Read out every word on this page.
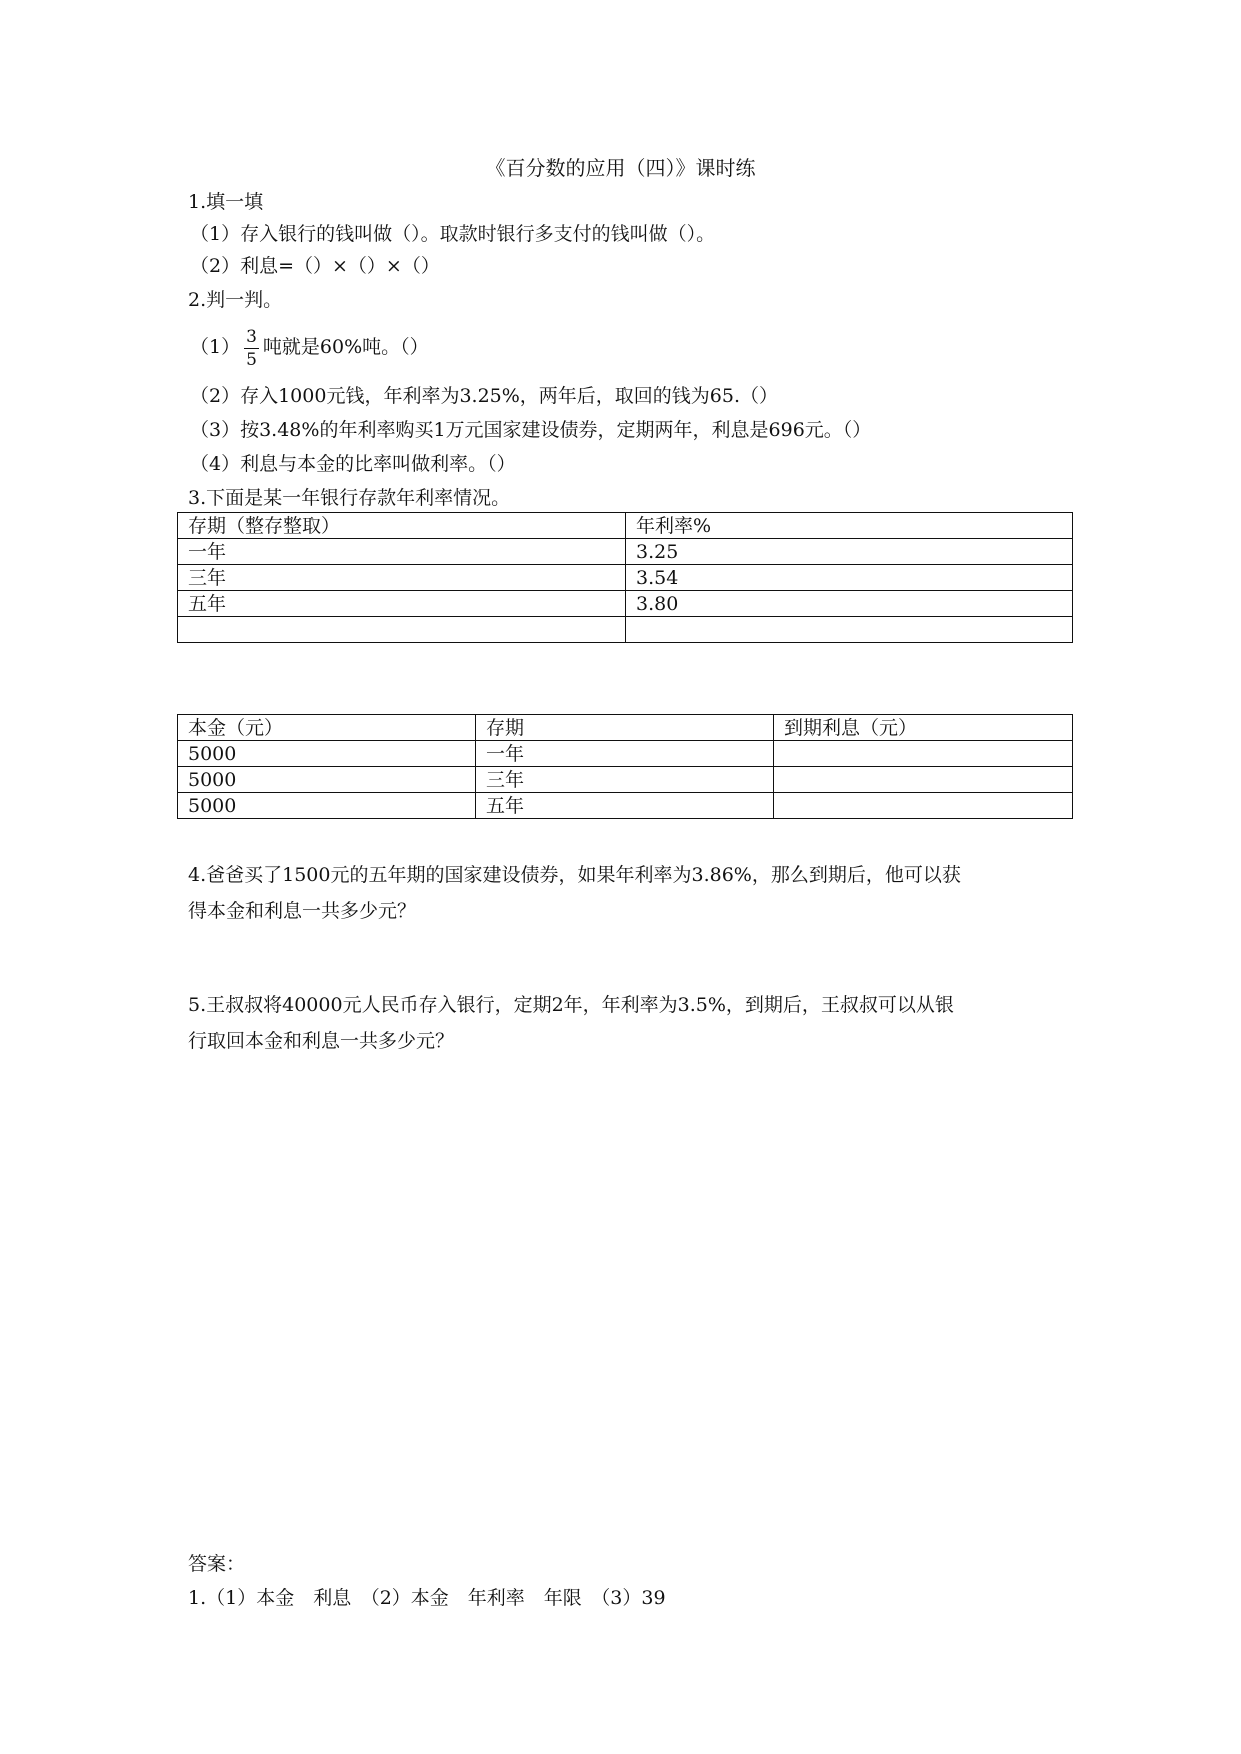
《百分数的应用（四）》课时练
1.填一填
（1）存入银行的钱叫做（）。取款时银行多支付的钱叫做（）。
（2）利息=（）×（）×（）
2.判一判。
$(1) \frac{3}{5}$ 吨就是60%吨。（）
（2）存入1000元钱，年利率为3.25%，两年后，取回的钱为65.（）
（3）按3.48%的年利率购买1万元国家建设债券，定期两年，利息是696元。（）
（4）利息与本金的比率叫做利率。（）
3.下面是某一年银行存款年利率情况。
存期（整存整取）	年利率%
一年	3.25
三年	3.54
五年	3.80

本金（元）	存期	到期利息（元）
5000	一年	
5000	三年	
5000	五年	
4.爸爸买了1500元的五年期的国家建设债券，如果年利率为3.86%，那么到期后，他可以获
得本金和利息一共多少元？
5.王叔叔将40000元人民币存入银行，定期2年，年利率为3.5%，到期后，王叔叔可以从银
行取回本金和利息一共多少元？
答案：
1.（1）本金　利息　（2）本金　年利率　年限　（3）39
